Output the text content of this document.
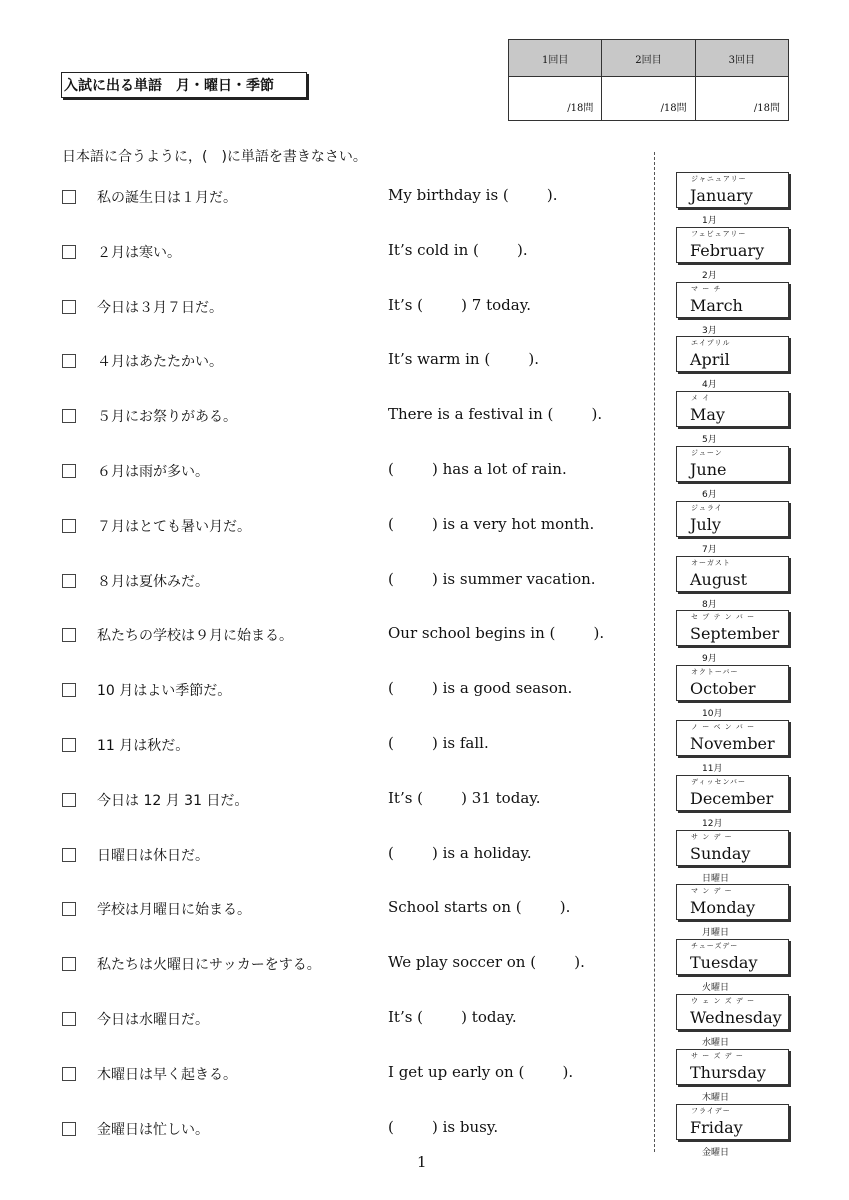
入試に出る単語　月・曜日・季節
1回目	2回目	3回目
/18問	/18問	/18問
日本語に合うように，(　)に単語を書きなさい。
私の誕生日は１月だ。	My birthday is (        ).
２月は寒い。	It’s cold in (        ).
今日は３月７日だ。	It’s (        ) 7 today.
４月はあたたかい。	It’s warm in (        ).
５月にお祭りがある。	There is a festival in (        ).
６月は雨が多い。	(        ) has a lot of rain.
７月はとても暑い月だ。	(        ) is a very hot month.
８月は夏休みだ。	(        ) is summer vacation.
私たちの学校は９月に始まる。	Our school begins in (        ).
10 月はよい季節だ。	(        ) is a good season.
11 月は秋だ。	(        ) is fall.
今日は 12 月 31 日だ。	It’s (        ) 31 today.
日曜日は休日だ。	(        ) is a holiday.
学校は月曜日に始まる。	School starts on (        ).
私たちは火曜日にサッカーをする。	We play soccer on (        ).
今日は水曜日だ。	It’s (        ) today.
木曜日は早く起きる。	I get up early on (        ).
金曜日は忙しい。	(        ) is busy.
ジャニュアリー
January
1月
フェビュアリー
February
2月
マ ー チ
March
3月
エイプリル
April
4月
メ イ
May
5月
ジューン
June
6月
ジュライ
July
7月
オーガスト
August
8月
セ プ テ ン バ ー
September
9月
オクトーバー
October
10月
ノ ー ベ ン バ ー
November
11月
ディッセンバー
December
12月
サ ン デ ー
Sunday
日曜日
マ ン デ ー
Monday
月曜日
チューズデー
Tuesday
火曜日
ウ ェ ン ズ デ ー
Wednesday
水曜日
サ ー ズ デ ー
Thursday
木曜日
フライデー
Friday
金曜日
1
